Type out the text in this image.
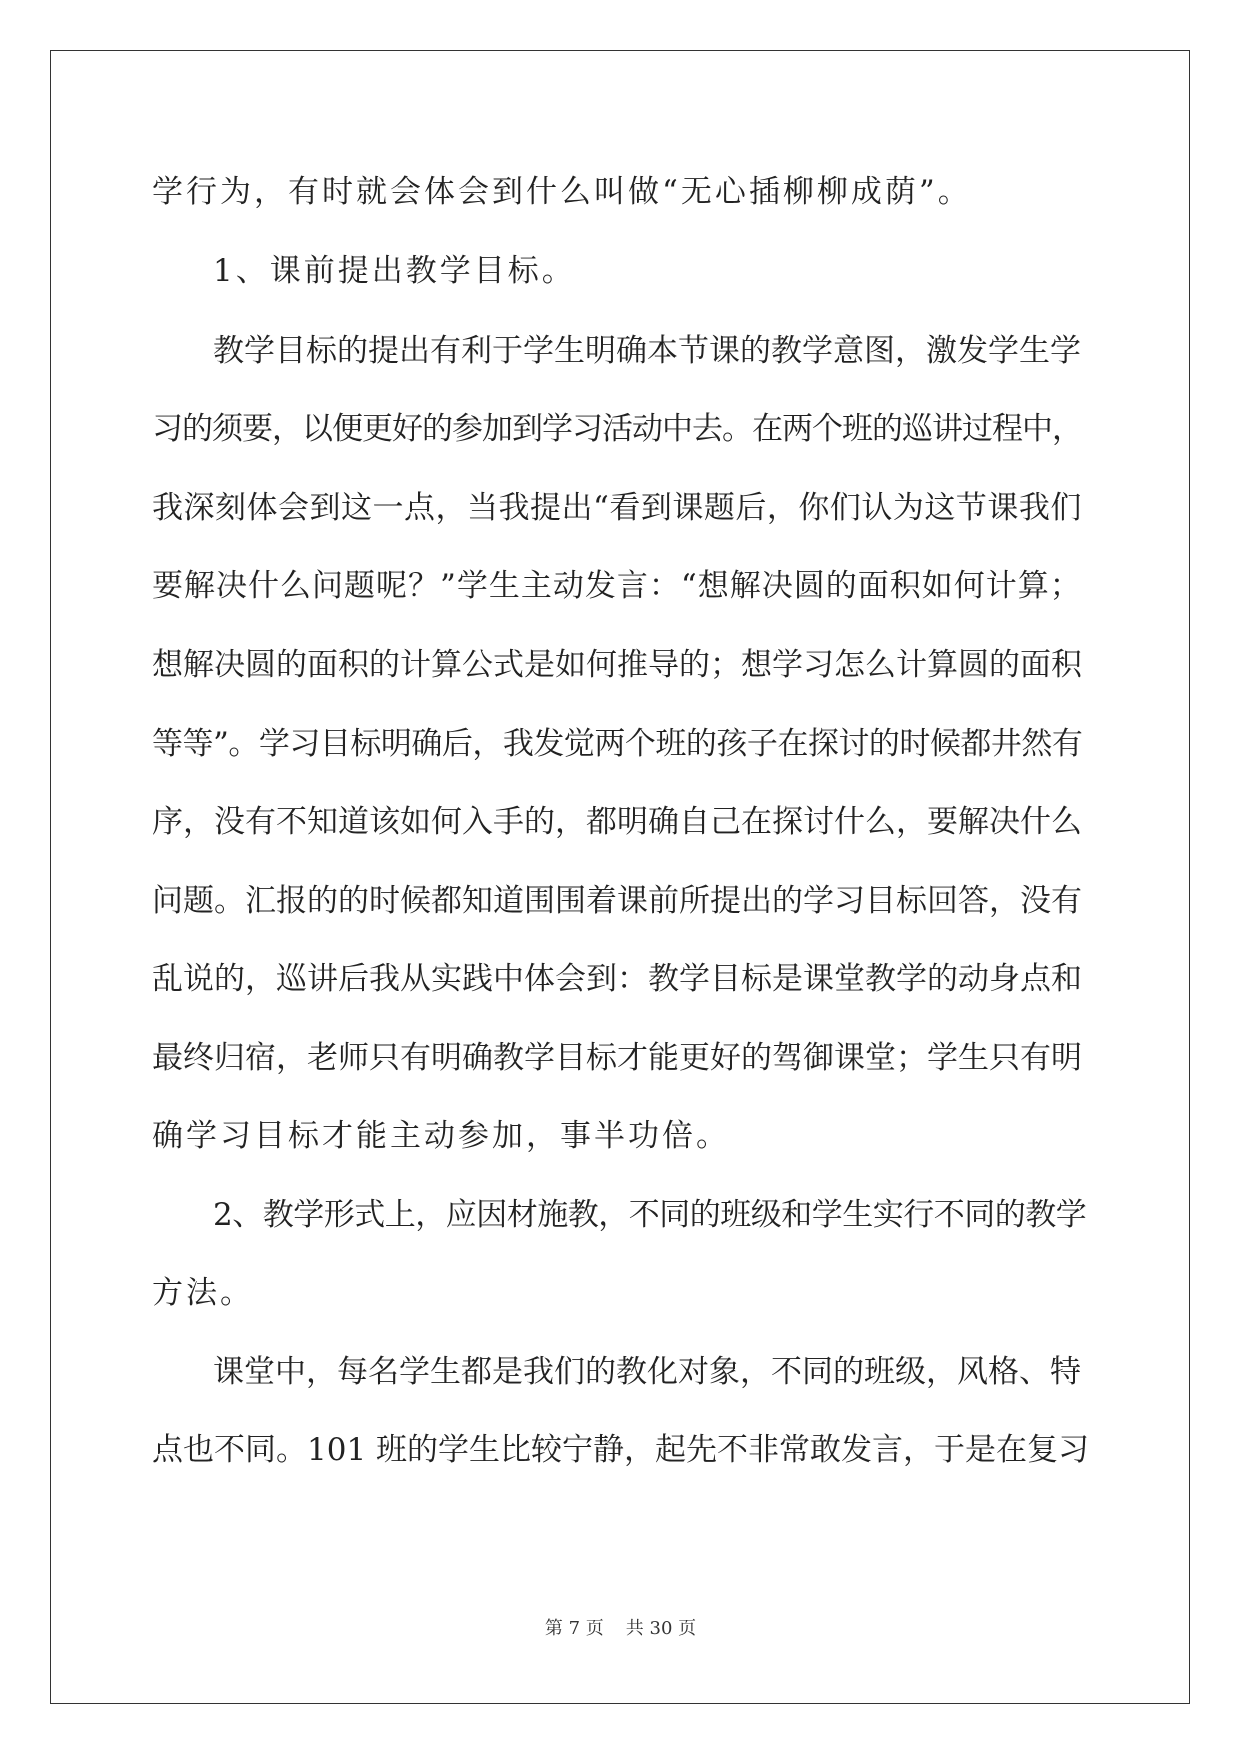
学行为，有时就会体会到什么叫做“无心插柳柳成荫”。
1、课前提出教学目标。
教学目标的提出有利于学生明确本节课的教学意图，激发学生学
习的须要，以便更好的参加到学习活动中去。在两个班的巡讲过程中，
我深刻体会到这一点，当我提出“看到课题后，你们认为这节课我们
要解决什么问题呢？”学生主动发言：“想解决圆的面积如何计算；
想解决圆的面积的计算公式是如何推导的；想学习怎么计算圆的面积
等等”。学习目标明确后，我发觉两个班的孩子在探讨的时候都井然有
序，没有不知道该如何入手的，都明确自己在探讨什么，要解决什么
问题。汇报的的时候都知道围围着课前所提出的学习目标回答，没有
乱说的，巡讲后我从实践中体会到：教学目标是课堂教学的动身点和
最终归宿，老师只有明确教学目标才能更好的驾御课堂；学生只有明
确学习目标才能主动参加，事半功倍。
2、教学形式上，应因材施教，不同的班级和学生实行不同的教学
方法。
课堂中，每名学生都是我们的教化对象，不同的班级，风格、特
点也不同。101 班的学生比较宁静，起先不非常敢发言，于是在复习
第 7 页 共 30 页
